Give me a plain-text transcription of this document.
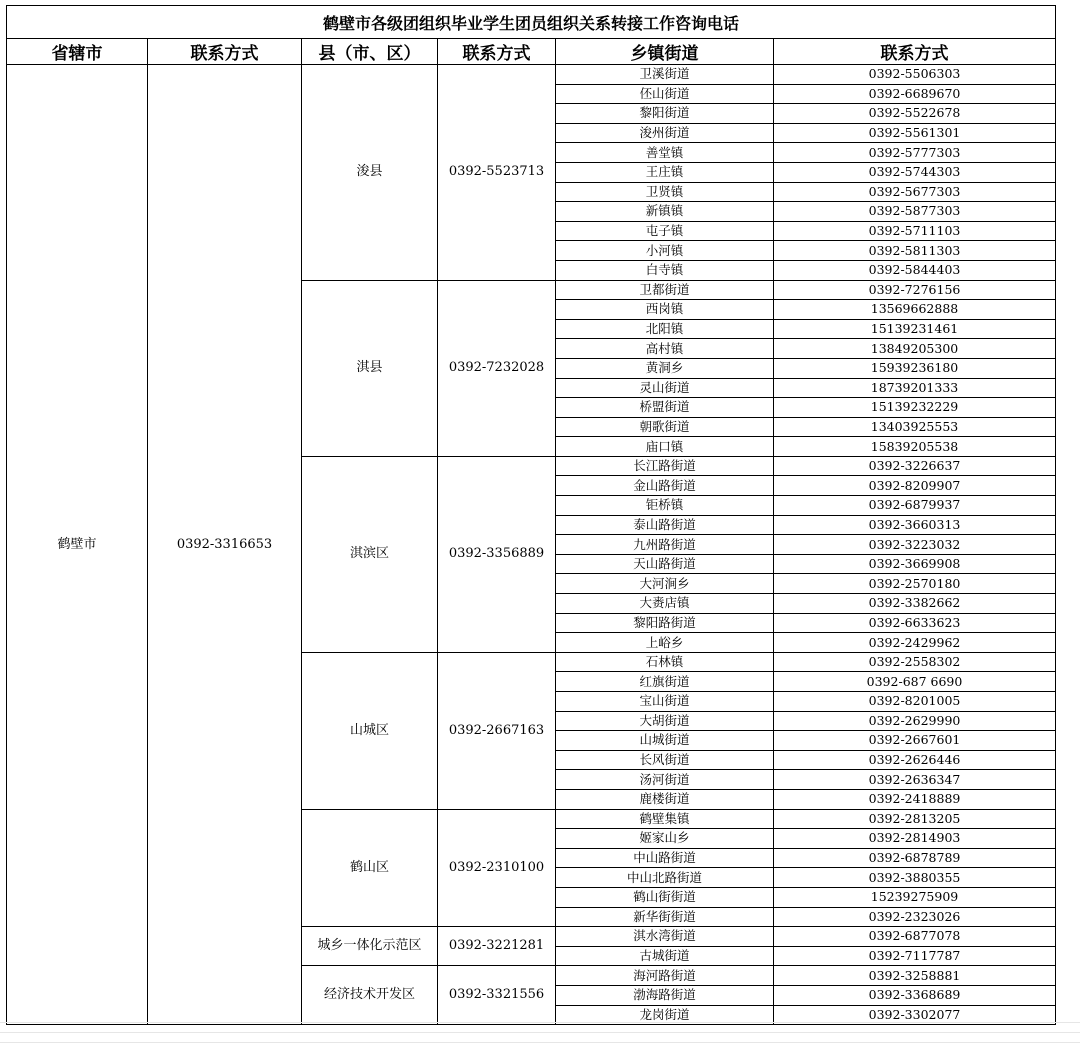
鹤壁市各级团组织毕业学生团员组织关系转接工作咨询电话					
省辖市	联系方式	县（市、区）	联系方式	乡镇街道	联系方式
鹤壁市	0392-3316653	浚县	0392-5523713	卫溪街道	0392-5506303
				伾山街道	0392-6689670
				黎阳街道	0392-5522678
				浚州街道	0392-5561301
				善堂镇	0392-5777303
				王庄镇	0392-5744303
				卫贤镇	0392-5677303
				新镇镇	0392-5877303
				屯子镇	0392-5711103
				小河镇	0392-5811303
				白寺镇	0392-5844403
		淇县	0392-7232028	卫都街道	0392-7276156
				西岗镇	13569662888
				北阳镇	15139231461
				高村镇	13849205300
				黄洞乡	15939236180
				灵山街道	18739201333
				桥盟街道	15139232229
				朝歌街道	13403925553
				庙口镇	15839205538
		淇滨区	0392-3356889	长江路街道	0392-3226637
				金山路街道	0392-8209907
				钜桥镇	0392-6879937
				泰山路街道	0392-3660313
				九州路街道	0392-3223032
				天山路街道	0392-3669908
				大河涧乡	0392-2570180
				大赉店镇	0392-3382662
				黎阳路街道	0392-6633623
				上峪乡	0392-2429962
		山城区	0392-2667163	石林镇	0392-2558302
				红旗街道	0392-687 6690
				宝山街道	0392-8201005
				大胡街道	0392-2629990
				山城街道	0392-2667601
				长风街道	0392-2626446
				汤河街道	0392-2636347
				鹿楼街道	0392-2418889
		鹤山区	0392-2310100	鹤壁集镇	0392-2813205
				姬家山乡	0392-2814903
				中山路街道	0392-6878789
				中山北路街道	0392-3880355
				鹤山街街道	15239275909
				新华街街道	0392-2323026
		城乡一体化示范区	0392-3221281	淇水湾街道	0392-6877078
				古城街道	0392-7117787
		经济技术开发区	0392-3321556	海河路街道	0392-3258881
				渤海路街道	0392-3368689
				龙岗街道	0392-3302077
